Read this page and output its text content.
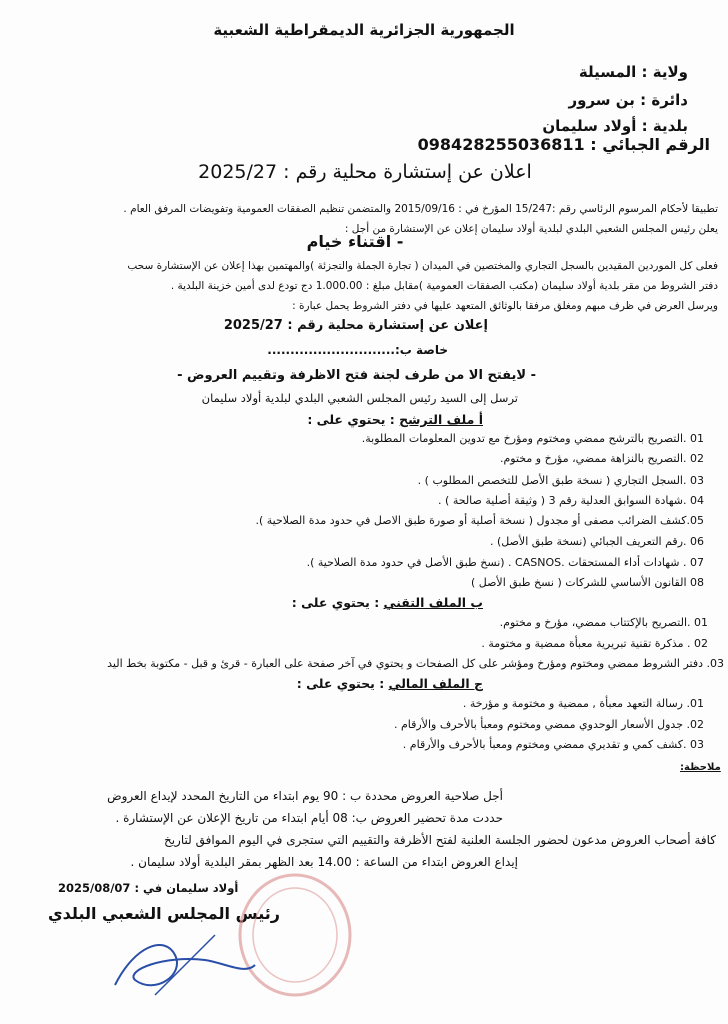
الجمهورية الجزائرية الديمقراطية الشعبية
ولاية : المسيلة
دائرة : بن سرور
بلدية : أولاد سليمان
الرقم الجبائي : 098428255036811
اعلان عن إستشارة محلية رقم : 2025/27
تطبيقا لأحكام المرسوم الرئاسي رقم :15/247 المؤرخ في : 2015/09/16 والمتضمن تنظيم الصفقات العمومية وتفويضات المرفق العام .
يعلن رئيس المجلس الشعبي البلدي لبلدية أولاد سليمان إعلان عن الإستشارة من أجل :
- اقتناء خيام
فعلى كل الموردين المقيدين بالسجل التجاري والمختصين في الميدان ( تجارة الجملة والتجزئة )والمهتمين بهذا إعلان عن الإستشارة سحب
دفتر الشروط من مقر بلدية أولاد سليمان (مكتب الصفقات العمومية )مقابل مبلغ : 1.000.00 دج تودع لدى أمين خزينة البلدية .
ويرسل العرض في ظرف مبهم ومغلق مرفقا بالوثائق المتعهد عليها في دفتر الشروط يحمل عبارة :
إعلان عن إستشارة محلية رقم : 2025/27
خاصة ب:............................
- لايفتح الا من طرف لجنة فتح الاظرفة وتقييم العروض -
ترسل إلى السيد رئيس المجلس الشعبي البلدي لبلدية أولاد سليمان
أ ملف الترشح : يحتوي على :
ب الملف التقني : يحتوي على :
ج الملف المالي : يحتوي على :
ملاحظة:
أجل صلاحية العروض محددة ب : 90 يوم ابتداء من التاريخ المحدد لإيداع العروض
حددت مدة تحضير العروض ب: 08 أيام ابتداء من تاريخ الإعلان عن الإستشارة .
كافة أصحاب العروض مدعون لحضور الجلسة العلنية لفتح الأظرفة والتقييم التي ستجرى في اليوم الموافق لتاريخ
إيداع العروض ابتداء من الساعة : 14.00 بعد الظهر بمقر البلدية أولاد سليمان .
أولاد سليمان في : 2025/08/07
رئيس المجلس الشعبي البلدي
01 .التصريح بالترشح ممضي ومختوم ومؤرخ مع تدوين المعلومات المطلوبة.
02 .التصريح بالنزاهة ممضي، مؤرخ و مختوم.
03 .السجل التجاري ( نسخة طبق الأصل للتخصص المطلوب ) .
04 .شهادة السوابق العدلية رقم 3 ( وثيقة أصلية صالحة ) .
05.كشف الضرائب مصفى أو مجدول ( نسخة أصلية أو صورة طبق الاصل في حدود مدة الصلاحية ).
06 .رقم التعريف الجبائي (نسخة طبق الأصل) .
07 . شهادات أداء المستحقات .CASNOS . (نسخ طبق الأصل في حدود مدة الصلاحية ).
08 القانون الأساسي للشركات ( نسخ طبق الأصل )
01 .التصريح بالإكتتاب ممضي، مؤرخ و مختوم.
02 . مذكرة تقنية تبريرية معبأة ممضية و مختومة .
03. دفتر الشروط ممضي ومختوم ومؤرخ ومؤشر على كل الصفحات و يحتوي في آخر صفحة على العبارة - قرئ و قبل - مكتوبة بخط اليد
01. رسالة التعهد معبأة , ممضية و مختومة و مؤرخة .
02. جدول الأسعار الوحدوي ممضي ومختوم ومعبأ بالأحرف والأرقام .
03 .كشف كمي و تقديري ممضي ومختوم ومعبأ بالأحرف والأرقام .
